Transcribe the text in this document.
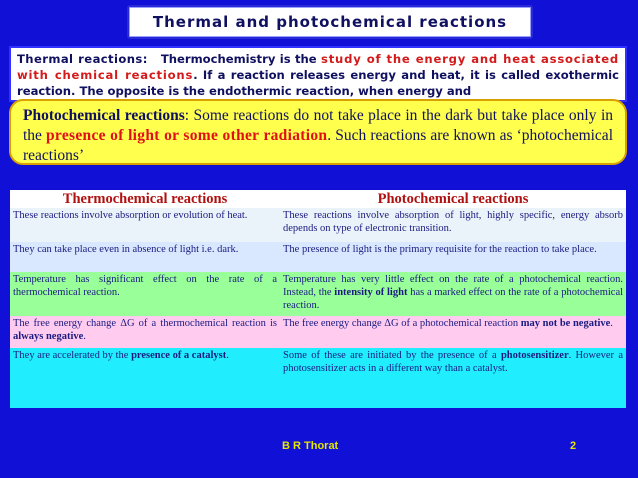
Thermal and photochemical reactions
Thermal reactions: Thermochemistry is the study of the energy and heat associated with chemical reactions. If a reaction releases energy and heat, it is called exothermic reaction. The opposite is the endothermic reaction, when energy and
Photochemical reactions: Some reactions do not take place in the dark but take place only in the presence of light or some other radiation. Such reactions are known as ‘photochemical reactions’
Thermochemical reactions	Photochemical reactions
These reactions involve absorption or evolution of heat.	These reactions involve absorption of light, highly specific, energy absorb depends on type of electronic transition.
They can take place even in absence of light i.e. dark.	The presence of light is the primary requisite for the reaction to take place.
Temperature has significant effect on the rate of a thermochemical reaction.	Temperature has very little effect on the rate of a photochemical reaction. Instead, the intensity of light has a marked effect on the rate of a photochemical reaction.
The free energy change ΔG of a thermochemical reaction is always negative.	The free energy change ΔG of a photochemical reaction may not be negative.
They are accelerated by the presence of a catalyst.	Some of these are initiated by the presence of a photosensitizer. However a photosensitizer acts in a different way than a catalyst.
B R Thorat	2
